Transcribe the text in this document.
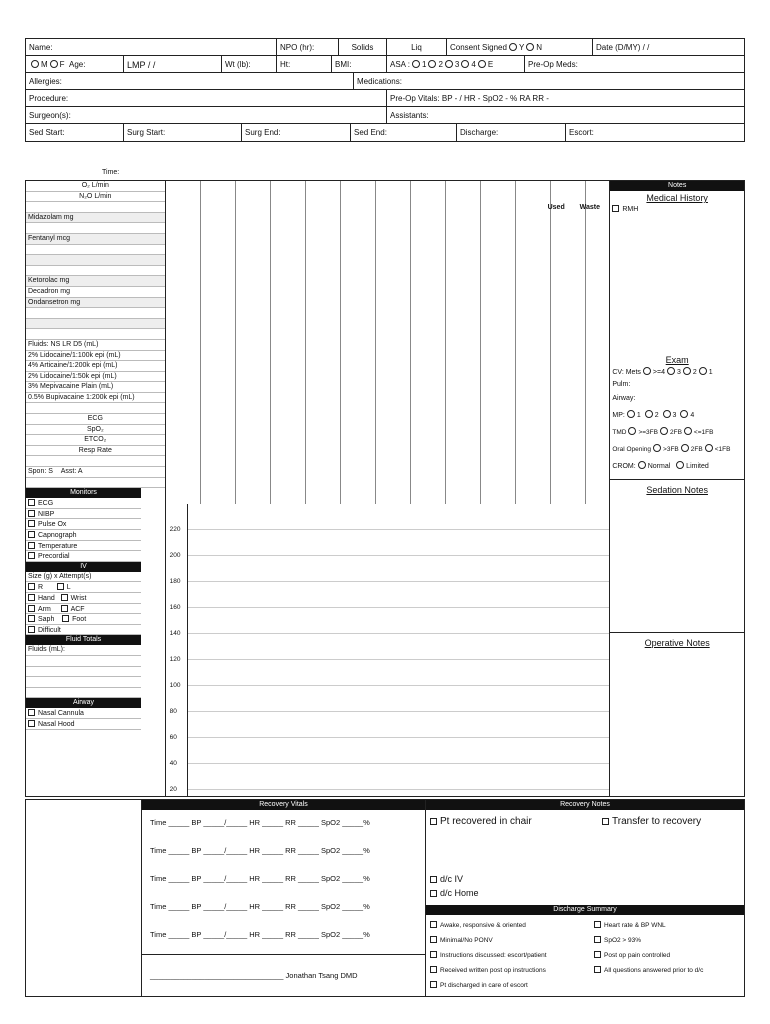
Name:	NPO (hr):	Solids	Liq	Consent Signed Y N	Date (D/MY) / /
M F Age:	LMP / /	Wt (lb):	Ht:	BMI:	ASA : 1 2 3 4 E	Pre-Op Meds:
Allergies:	Medications:
Procedure:	Pre-Op Vitals: BP - / HR - SpO2 - % RA RR -
Surgeon(s):	Assistants:
Sed Start:	Surg Start:	Surg End:	Sed End:	Discharge:	Escort:
Time:
O₂ L/min
N₂O L/min
Midazolam mg
Fentanyl mcg
Ketorolac mg
Decadron mg
Ondansetron mg
Fluids: NS LR D5 (mL)
2% Lidocaine/1:100k epi (mL)
4% Articaine/1:200k epi (mL)
2% Lidocaine/1:50k epi (mL)
3% Mepivacaine Plain (mL)
0.5% Bupivacaine 1:200k epi (mL)
ECG
SpO₂
ETCO₂
Resp Rate
Spon: S Asst: A
Monitors
ECG
NIBP
Pulse Ox
Capnograph
Temperature
Precordial
IV
Size (g) x Attempt(s)
R	L
Hand Wrist
Arm	ACF
Saph	Foot
Difficult
Fluid Totals
Fluids (mL):
Airway
Nasal Cannula
Nasal Hood
Used Waste
220
200
180
160
140
120
100
80
60
40
20
Notes
Medical History
RMH
Exam
CV: Mets >=4 3 2 1
Pulm:
Airway:
MP: 1 2 3 4
TMD >=3FB 2FB <=1FB
Oral Opening >3FB 2FB <1FB
CROM: Normal Limited
Sedation Notes
Operative Notes
Recovery Vitals
Time _____ BP _____/_____ HR _____ RR _____ SpO2 _____%
Time _____ BP _____/_____ HR _____ RR _____ SpO2 _____%
Time _____ BP _____/_____ HR _____ RR _____ SpO2 _____%
Time _____ BP _____/_____ HR _____ RR _____ SpO2 _____%
Time _____ BP _____/_____ HR _____ RR _____ SpO2 _____%
________________________________ Jonathan Tsang DMD
Recovery Notes
Pt recovered in chair	Transfer to recovery
d/c IV
d/c Home
Discharge Summary
Awake, responsive & oriented
Minimal/No PONV
Instructions discussed: escort/patient
Received written post op instructions
Pt discharged in care of escort
Heart rate & BP WNL
SpO2 > 93%
Post op pain controlled
All questions answered prior to d/c
